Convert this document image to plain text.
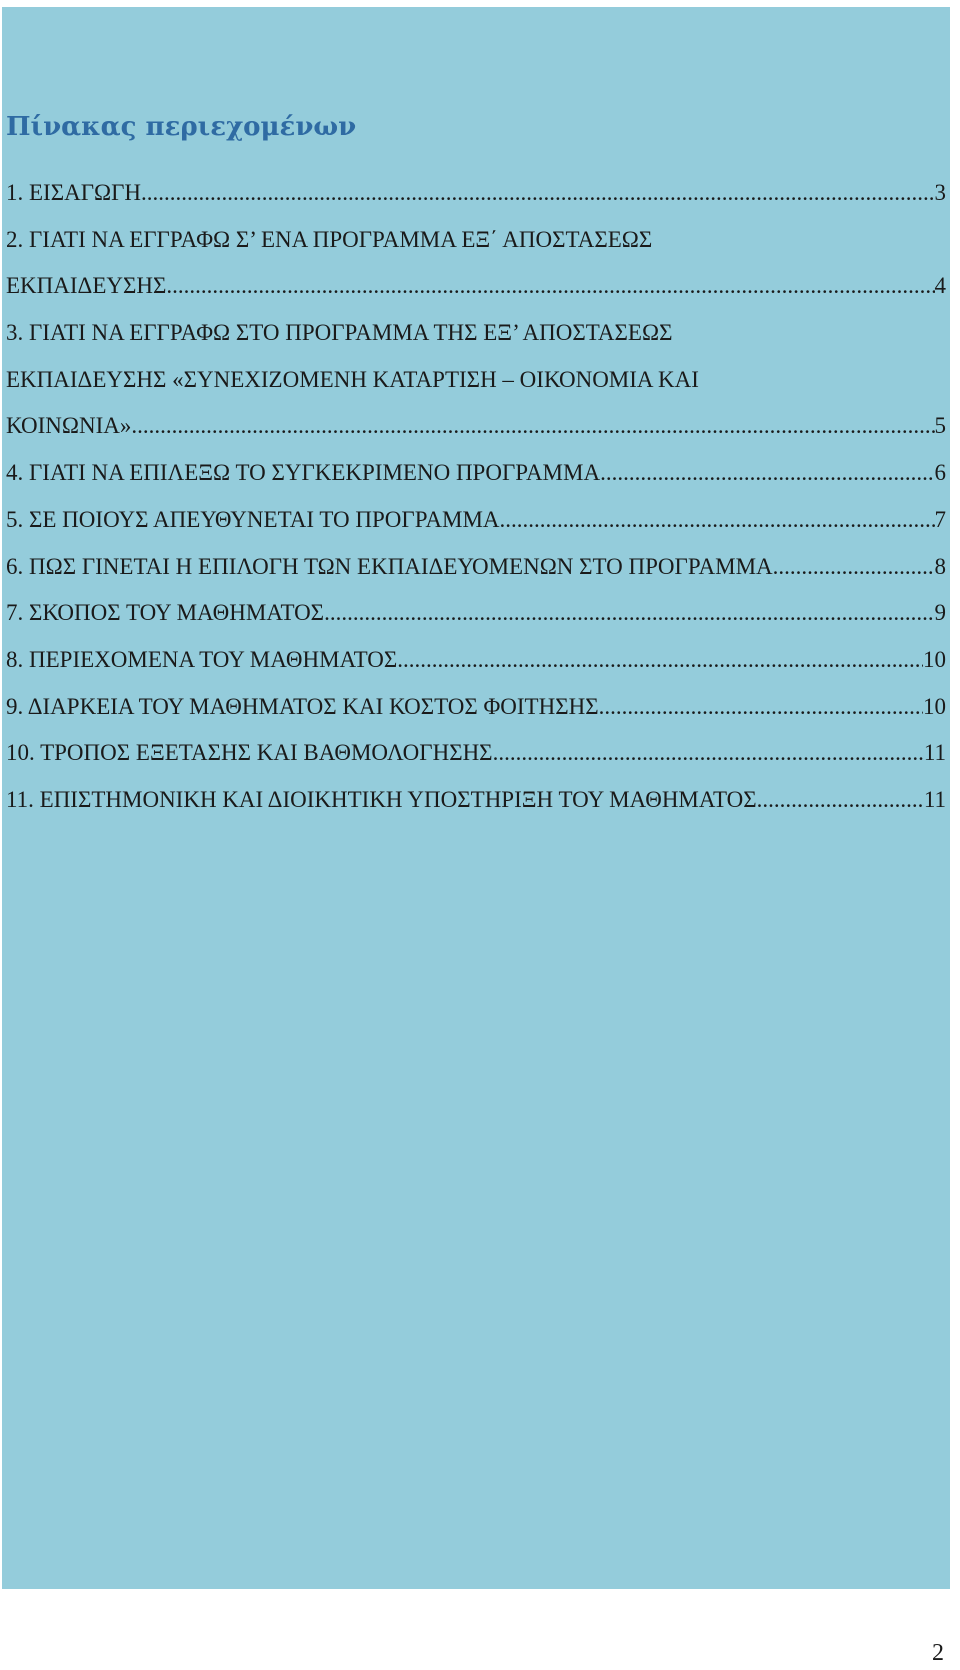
Πίνακας περιεχομένων
1. ΕΙΣΑΓΩΓΗ .....	3
2. ΓΙΑΤΙ ΝΑ ΕΓΓΡΑΦΩ Σ’ ΕΝΑ ΠΡΟΓΡΑΜΜΑ ΕΞ΄ ΑΠΟΣΤΑΣΕΩΣ
ΕΚΠΑΙΔΕΥΣΗΣ .....	4
3. ΓΙΑΤΙ ΝΑ ΕΓΓΡΑΦΩ ΣΤΟ ΠΡΟΓΡΑΜΜΑ ΤΗΣ ΕΞ’ ΑΠΟΣΤΑΣΕΩΣ
ΕΚΠΑΙΔΕΥΣΗΣ «ΣΥΝΕΧΙΖΟΜΕΝΗ ΚΑΤΑΡΤΙΣΗ – ΟΙΚΟΝΟΜΙΑ ΚΑΙ
ΚΟΙΝΩΝΙΑ» .....	5
4. ΓΙΑΤΙ ΝΑ ΕΠΙΛΕΞΩ ΤΟ ΣΥΓΚΕΚΡΙΜΕΝΟ ΠΡΟΓΡΑΜΜΑ .....	6
5. ΣΕ ΠΟΙΟΥΣ ΑΠΕΥΘΥΝΕΤΑΙ ΤΟ ΠΡΟΓΡΑΜΜΑ .....	7
6. ΠΩΣ ΓΙΝΕΤΑΙ Η ΕΠΙΛΟΓΗ ΤΩΝ ΕΚΠΑΙΔΕΥΟΜΕΝΩΝ ΣΤΟ ΠΡΟΓΡΑΜΜΑ .....	8
7. ΣΚΟΠΟΣ ΤΟΥ ΜΑΘΗΜΑΤΟΣ .....	9
8. ΠΕΡΙΕΧΟΜΕΝΑ ΤΟΥ ΜΑΘΗΜΑΤΟΣ .....	10
9. ΔΙΑΡΚΕΙΑ ΤΟΥ ΜΑΘΗΜΑΤΟΣ ΚΑΙ ΚΟΣΤΟΣ ΦΟΙΤΗΣΗΣ .....	10
10. ΤΡΟΠΟΣ ΕΞΕΤΑΣΗΣ ΚΑΙ ΒΑΘΜΟΛΟΓΗΣΗΣ .....	11
11. ΕΠΙΣΤΗΜΟΝΙΚΗ ΚΑΙ ΔΙΟΙΚΗΤΙΚΗ ΥΠΟΣΤΗΡΙΞΗ ΤΟΥ ΜΑΘΗΜΑΤΟΣ .....	11
2
